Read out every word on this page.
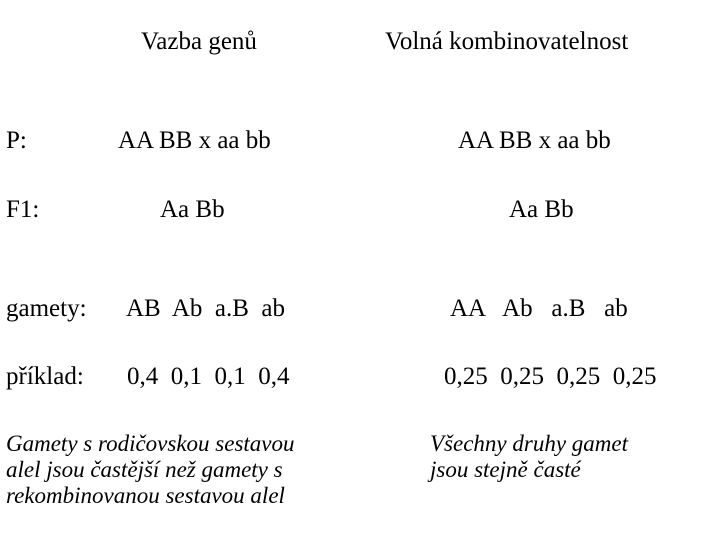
Vazba genů	Volná kombinovatelnost
P:	AA BB x aa bb	AA BB x aa bb
F1:	Aa Bb	Aa Bb
gamety: AB  Ab  a.B  ab	AA   Ab   a.B   ab
příklad: 0,4  0,1  0,1  0,4	0,25  0,25  0,25  0,25
Gamety s rodičovskou sestavou
alel jsou častější než gamety s
rekombinovanou sestavou alel
Všechny druhy gamet
jsou stejně časté
